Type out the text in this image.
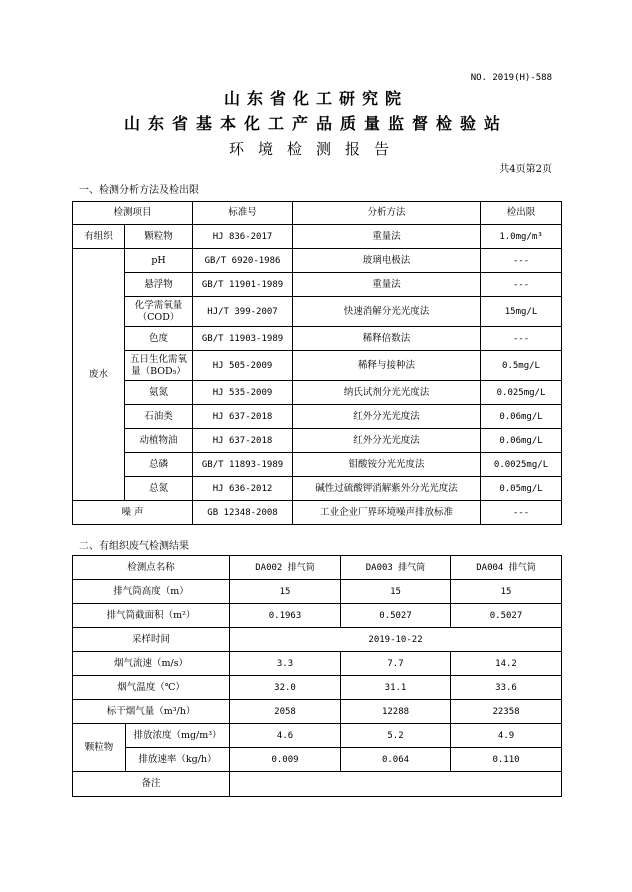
NO. 2019(H)-588
山东省化工研究院
山东省基本化工产品质量监督检验站
环境检测报告
共4页第2页
一、检测分析方法及检出限
检测项目		标准号	分析方法	检出限
有组织	颗粒物	HJ 836-2017	重量法	1.0mg/m³
废水	pH	GB/T 6920-1986	玻璃电极法	---
	悬浮物	GB/T 11901-1989	重量法	---
	化学需氧量（COD）	HJ/T 399-2007	快速消解分光光度法	15mg/L
	色度	GB/T 11903-1989	稀释倍数法	---
	五日生化需氧量（BOD₅）	HJ 505-2009	稀释与接种法	0.5mg/L
	氨氮	HJ 535-2009	纳氏试剂分光光度法	0.025mg/L
	石油类	HJ 637-2018	红外分光光度法	0.06mg/L
	动植物油	HJ 637-2018	红外分光光度法	0.06mg/L
	总磷	GB/T 11893-1989	钼酸铵分光光度法	0.0025mg/L
	总氮	HJ 636-2012	碱性过硫酸钾消解紫外分光光度法	0.05mg/L
噪 声		GB 12348-2008	工业企业厂界环境噪声排放标准	---
二、有组织废气检测结果
检测点名称		DA002 排气筒	DA003 排气筒	DA004 排气筒
排气筒高度（m）		15	15	15
排气筒截面积（m²）		0.1963	0.5027	0.5027
采样时间		2019-10-22		
烟气流速（m/s）		3.3	7.7	14.2
烟气温度（℃）		32.0	31.1	33.6
标干烟气量（m³/h）		2058	12288	22358
颗粒物	排放浓度（mg/m³）	4.6	5.2	4.9
	排放速率（kg/h）	0.009	0.064	0.110
备注				
